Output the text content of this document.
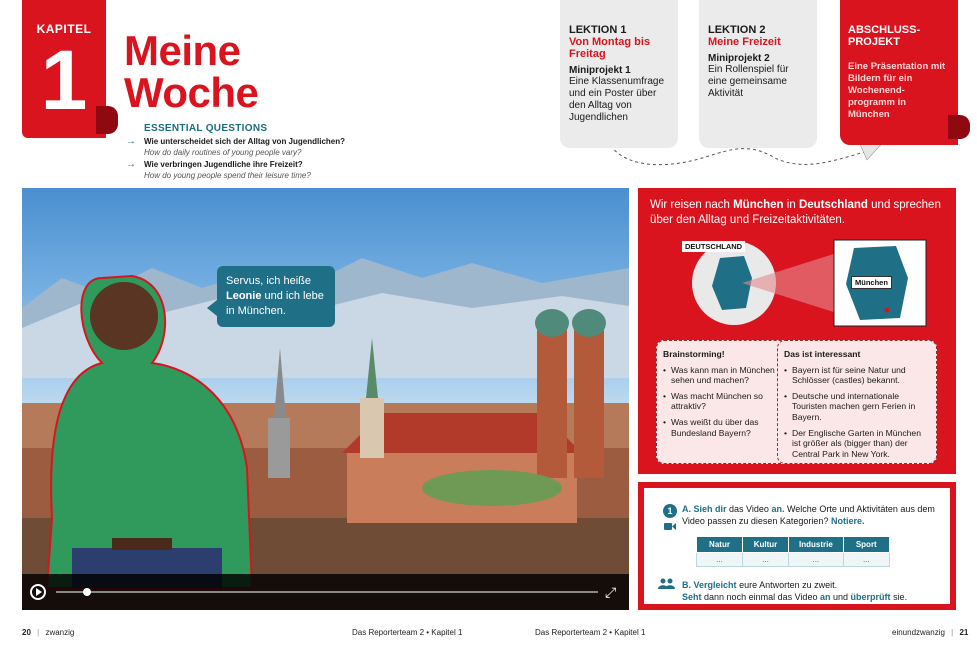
KAPITEL
1 Meine
Woche
ESSENTIAL QUESTIONS
→	Wie unterscheidet sich der Alltag von Jugendlichen?
How do daily routines of young people vary?
→	Wie verbringen Jugendliche ihre Freizeit?
How do young people spend their leisure time?
Servus, ich heiße Leonie und ich lebe in München.
⤢
LEKTION 1
Von Montag bis Freitag
Miniprojekt 1
Eine Klassenumfrage und ein Poster über den Alltag von Jugendlichen
LEKTION 2
Meine Freizeit
Miniprojekt 2
Ein Rollenspiel für eine gemeinsame Aktivität
ABSCHLUSS-PROJEKT
Eine Präsentation mit Bildern für ein Wochenend-programm in München
Wir reisen nach München in Deutschland und sprechen über den Alltag und Freizeitaktivitäten.
DEUTSCHLAND
München
Brainstorming!
• Was kann man in München sehen und machen?
• Was macht München so attraktiv?
• Was weißt du über das Bundesland Bayern?
Das ist interessant
• Bayern ist für seine Natur und Schlösser (castles) bekannt.
• Deutsche und internationale Touristen machen gern Ferien in Bayern.
• Der Englische Garten in München ist größer als (bigger than) der Central Park in New York.
1	A. Sieh dir das Video an. Welche Orte und Aktivitäten aus dem Video passen zu diesen Kategorien? Notiere.
Natur	Kultur	Industrie	Sport
...	...	...	...
B. Vergleicht eure Antworten zu zweit.
Seht dann noch einmal das Video an und überprüft sie.
20 | zwanzig	Das Reporterteam 2 • Kapitel 1	Das Reporterteam 2 • Kapitel 1	einundzwanzig | 21
